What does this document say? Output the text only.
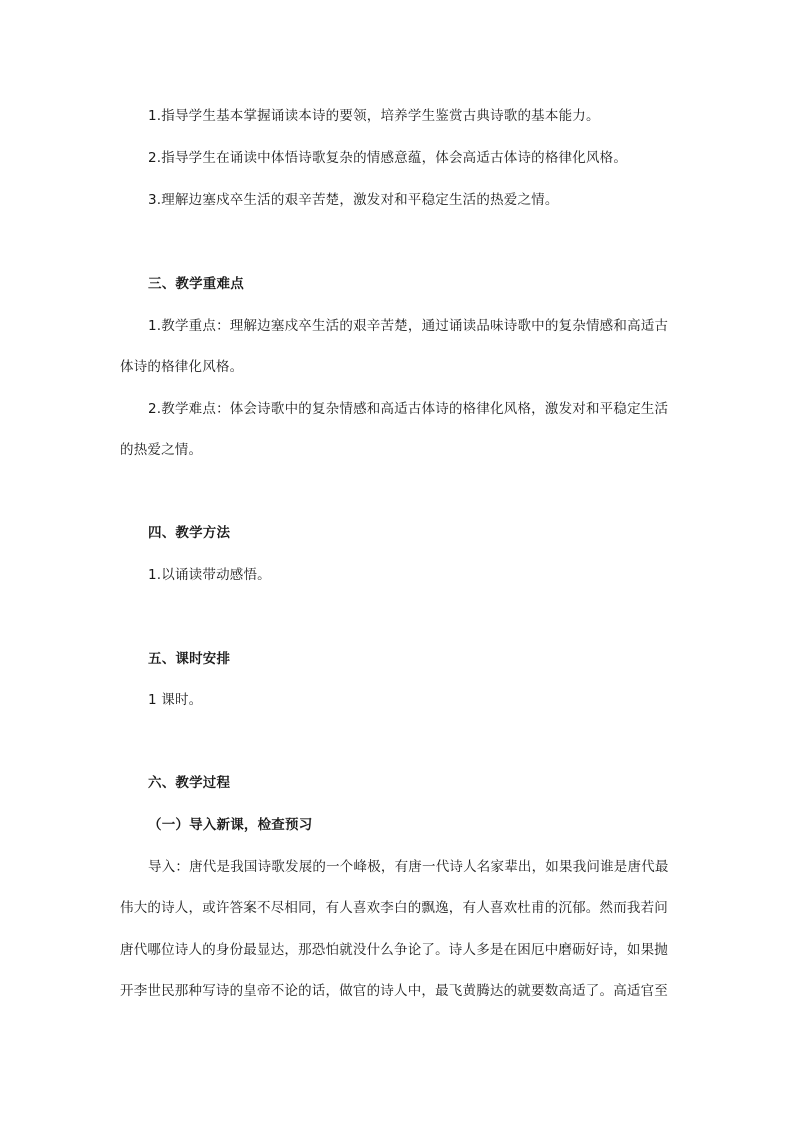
1.指导学生基本掌握诵读本诗的要领，培养学生鉴赏古典诗歌的基本能力。
2.指导学生在诵读中体悟诗歌复杂的情感意蕴，体会高适古体诗的格律化风格。
3.理解边塞戍卒生活的艰辛苦楚，激发对和平稳定生活的热爱之情。
三、教学重难点
1.教学重点：理解边塞戍卒生活的艰辛苦楚，通过诵读品味诗歌中的复杂情感和高适古
体诗的格律化风格。
2.教学难点：体会诗歌中的复杂情感和高适古体诗的格律化风格，激发对和平稳定生活
的热爱之情。
四、教学方法
1.以诵读带动感悟。
五、课时安排
1 课时。
六、教学过程
（一）导入新课，检查预习
导入：唐代是我国诗歌发展的一个峰极，有唐一代诗人名家辈出，如果我问谁是唐代最
伟大的诗人，或许答案不尽相同，有人喜欢李白的飘逸，有人喜欢杜甫的沉郁。然而我若问
唐代哪位诗人的身份最显达，那恐怕就没什么争论了。诗人多是在困厄中磨砺好诗，如果抛
开李世民那种写诗的皇帝不论的话，做官的诗人中，最飞黄腾达的就要数高适了。高适官至
